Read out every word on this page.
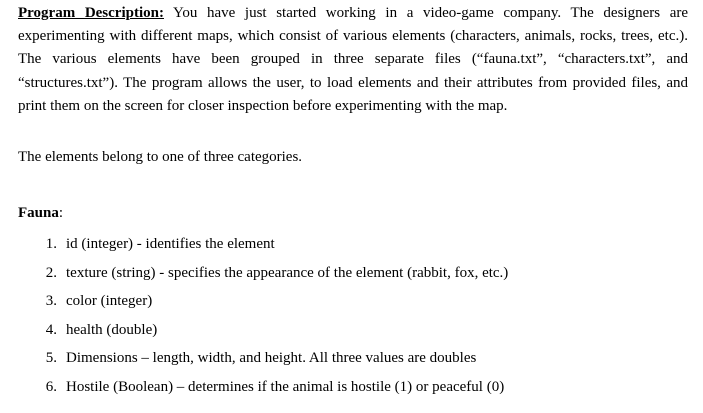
Program Description: You have just started working in a video-game company. The designers are experimenting with different maps, which consist of various elements (characters, animals, rocks, trees, etc.). The various elements have been grouped in three separate files (“fauna.txt”, “characters.txt”, and “structures.txt”). The program allows the user, to load elements and their attributes from provided files, and print them on the screen for closer inspection before experimenting with the map.

The elements belong to one of three categories.

Fauna:

1. id (integer) - identifies the element
2. texture (string) - specifies the appearance of the element (rabbit, fox, etc.)
3. color (integer)
4. health (double)
5. Dimensions – length, width, and height. All three values are doubles
6. Hostile (Boolean) – determines if the animal is hostile (1) or peaceful (0)
